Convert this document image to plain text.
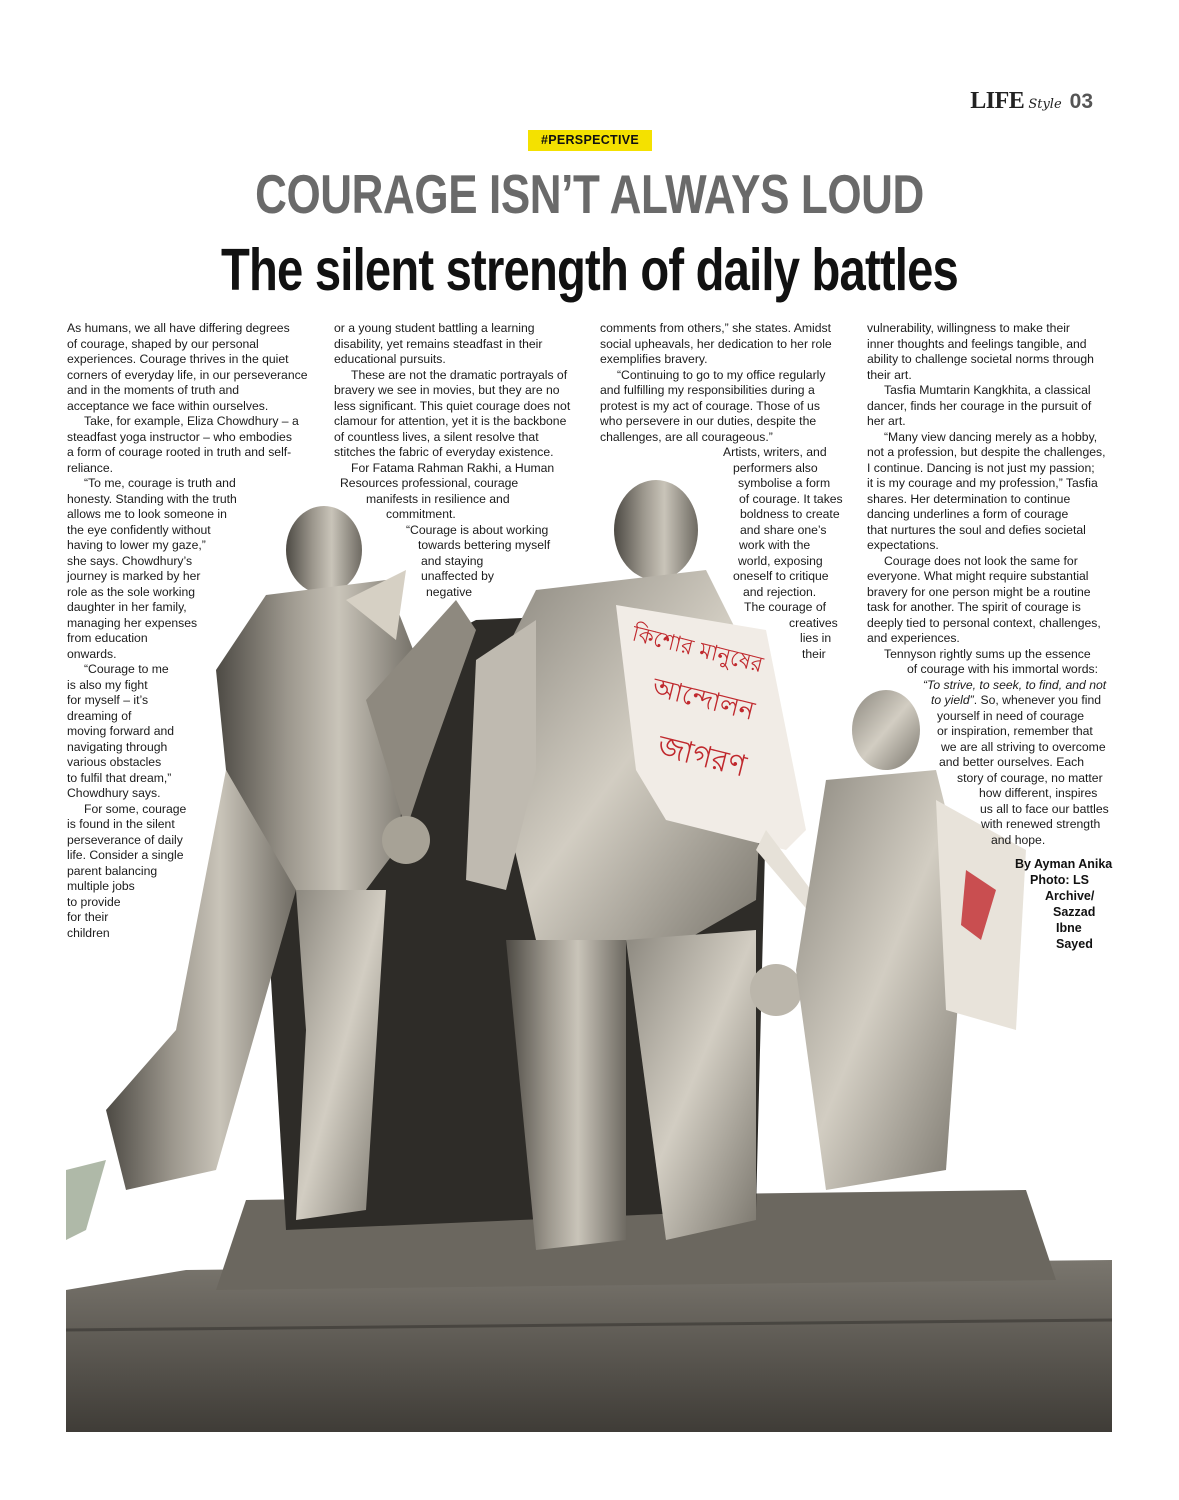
LIFE Style 03
#PERSPECTIVE
COURAGE ISN’T ALWAYS LOUD
The silent strength of daily battles
কিশোর মানুষের
আন্দোলন
জাগরণ
As humans, we all have differing degrees
of courage, shaped by our personal
experiences. Courage thrives in the quiet
corners of everyday life, in our perseverance
and in the moments of truth and
acceptance we face within ourselves.
Take, for example, Eliza Chowdhury – a
steadfast yoga instructor – who embodies
a form of courage rooted in truth and self-
reliance.
“To me, courage is truth and
honesty. Standing with the truth
allows me to look someone in
the eye confidently without
having to lower my gaze,”
she says. Chowdhury’s
journey is marked by her
role as the sole working
daughter in her family,
managing her expenses
from education
onwards.
“Courage to me
is also my fight
for myself – it’s
dreaming of
moving forward and
navigating through
various obstacles
to fulfil that dream,”
Chowdhury says.
For some, courage
is found in the silent
perseverance of daily
life. Consider a single
parent balancing
multiple jobs
to provide
for their
children
or a young student battling a learning
disability, yet remains steadfast in their
educational pursuits.
These are not the dramatic portrayals of
bravery we see in movies, but they are no
less significant. This quiet courage does not
clamour for attention, yet it is the backbone
of countless lives, a silent resolve that
stitches the fabric of everyday existence.
For Fatama Rahman Rakhi, a Human
Resources professional, courage
manifests in resilience and
commitment.
“Courage is about working
towards bettering myself
and staying
unaffected by
negative
comments from others,” she states. Amidst
social upheavals, her dedication to her role
exemplifies bravery.
“Continuing to go to my office regularly
and fulfilling my responsibilities during a
protest is my act of courage. Those of us
who persevere in our duties, despite the
challenges, are all courageous.”
Artists, writers, and
performers also
symbolise a form
of courage. It takes
boldness to create
and share one’s
work with the
world, exposing
oneself to critique
and rejection.
The courage of
creatives
lies in
their
vulnerability, willingness to make their
inner thoughts and feelings tangible, and
ability to challenge societal norms through
their art.
Tasfia Mumtarin Kangkhita, a classical
dancer, finds her courage in the pursuit of
her art.
“Many view dancing merely as a hobby,
not a profession, but despite the challenges,
I continue. Dancing is not just my passion;
it is my courage and my profession,” Tasfia
shares. Her determination to continue
dancing underlines a form of courage
that nurtures the soul and defies societal
expectations.
Courage does not look the same for
everyone. What might require substantial
bravery for one person might be a routine
task for another. The spirit of courage is
deeply tied to personal context, challenges,
and experiences.
Tennyson rightly sums up the essence
of courage with his immortal words:
“To strive, to seek, to find, and not
to yield”. So, whenever you find
yourself in need of courage
or inspiration, remember that
we are all striving to overcome
and better ourselves. Each
story of courage, no matter
how different, inspires
us all to face our battles
with renewed strength
and hope.
By Ayman Anika
Photo: LS
Archive/
Sazzad
Ibne
Sayed
